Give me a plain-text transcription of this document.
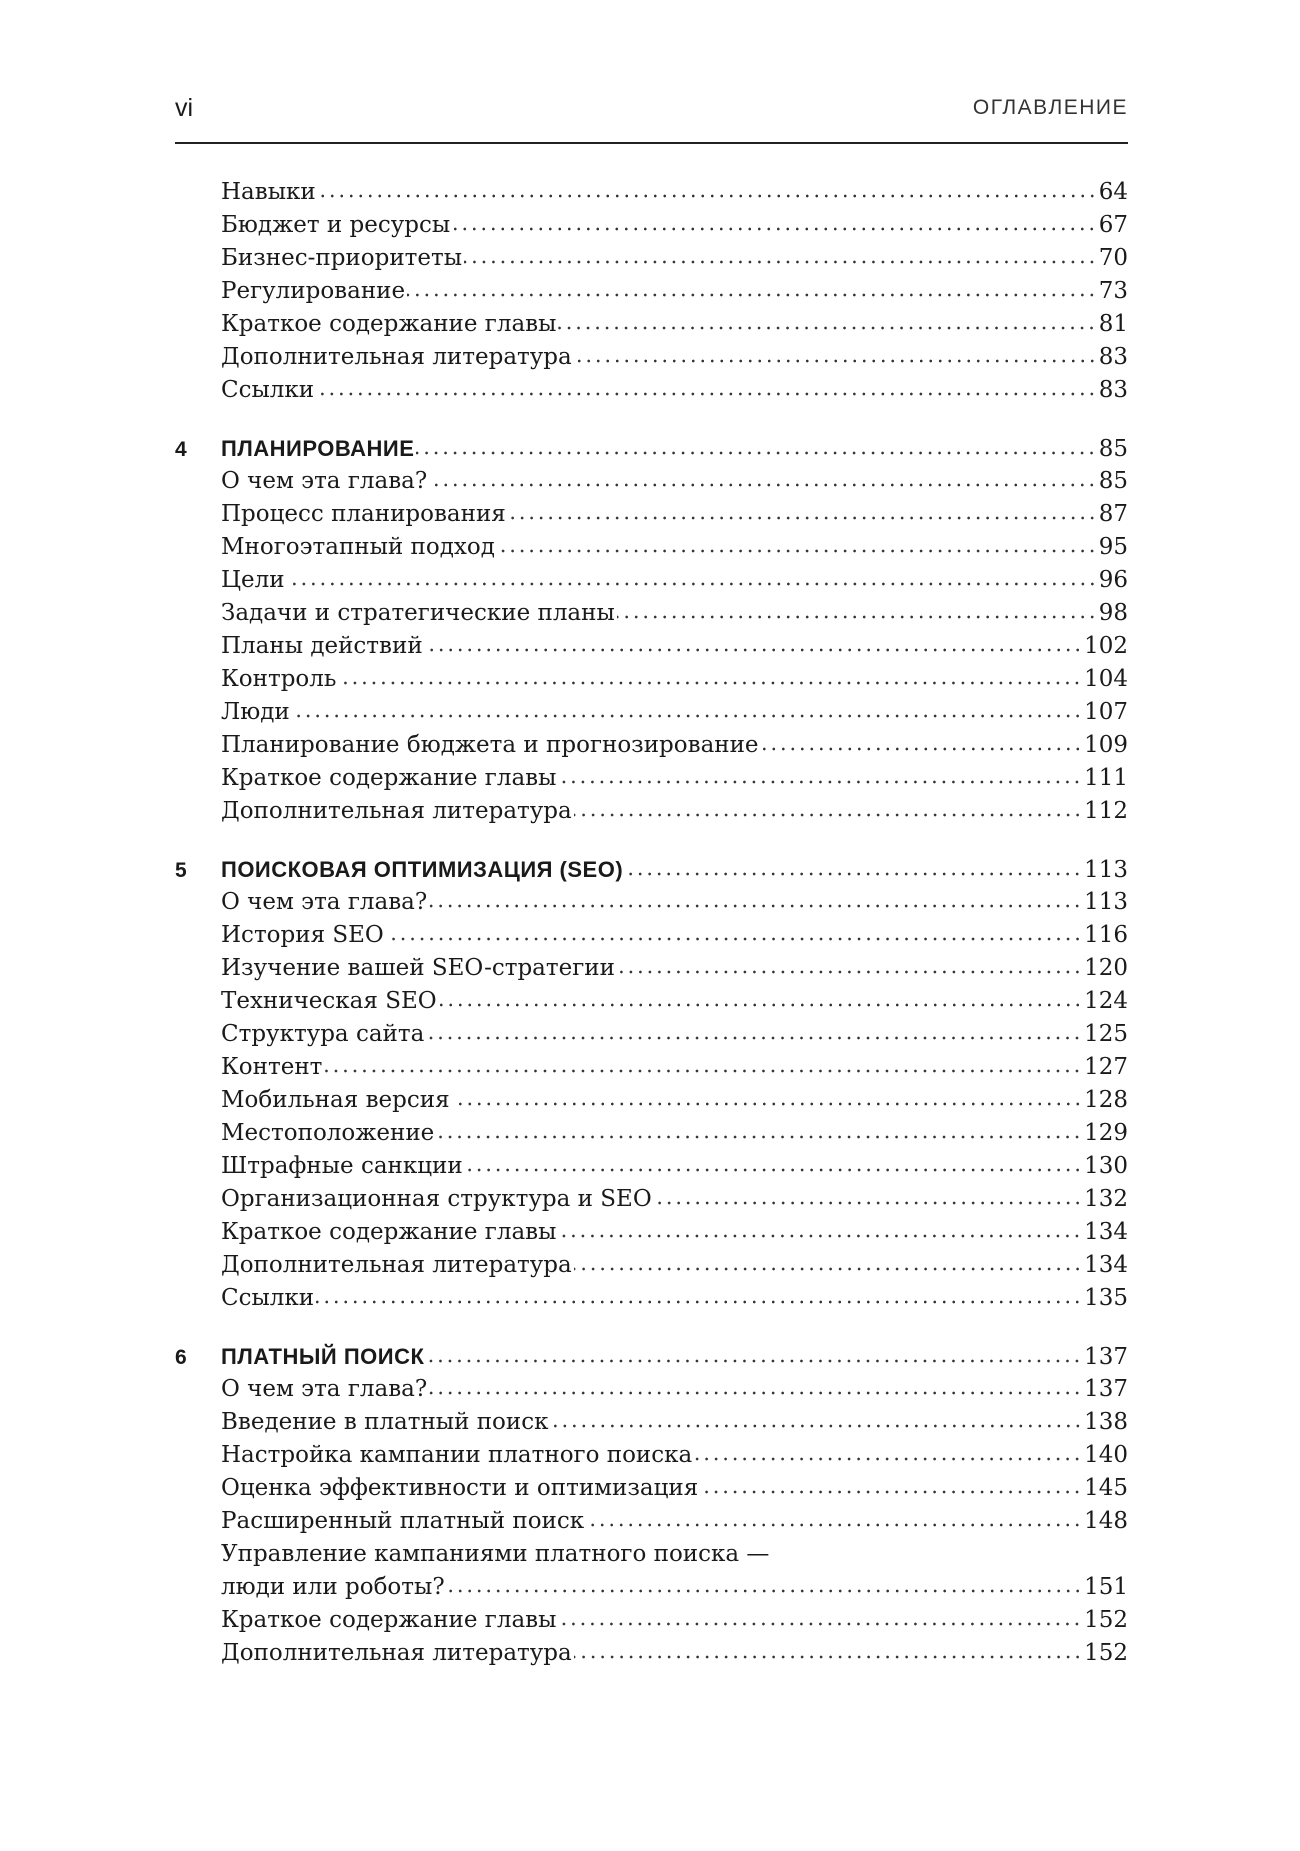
vi	ОГЛАВЛЕНИЕ
Навыки	64
Бюджет и ресурсы	67
Бизнес-приоритеты	70
Регулирование	73
Краткое содержание главы	81
Дополнительная литература	83
Ссылки	83
4	ПЛАНИРОВАНИЕ	85
О чем эта глава?	85
Процесс планирования	87
Многоэтапный подход	95
Цели	96
Задачи и стратегические планы	98
Планы действий	102
Контроль	104
Люди	107
Планирование бюджета и прогнозирование	109
Краткое содержание главы	111
Дополнительная литература	112
5	ПОИСКОВАЯ ОПТИМИЗАЦИЯ (SEO)	113
О чем эта глава?	113
История SEO	116
Изучение вашей SEO-стратегии	120
Техническая SEO	124
Структура сайта	125
Контент	127
Мобильная версия	128
Местоположение	129
Штрафные санкции	130
Организационная структура и SEO	132
Краткое содержание главы	134
Дополнительная литература	134
Ссылки	135
6	ПЛАТНЫЙ ПОИСК	137
О чем эта глава?	137
Введение в платный поиск	138
Настройка кампании платного поиска	140
Оценка эффективности и оптимизация	145
Расширенный платный поиск	148
Управление кампаниями платного поиска —
люди или роботы?	151
Краткое содержание главы	152
Дополнительная литература	152
